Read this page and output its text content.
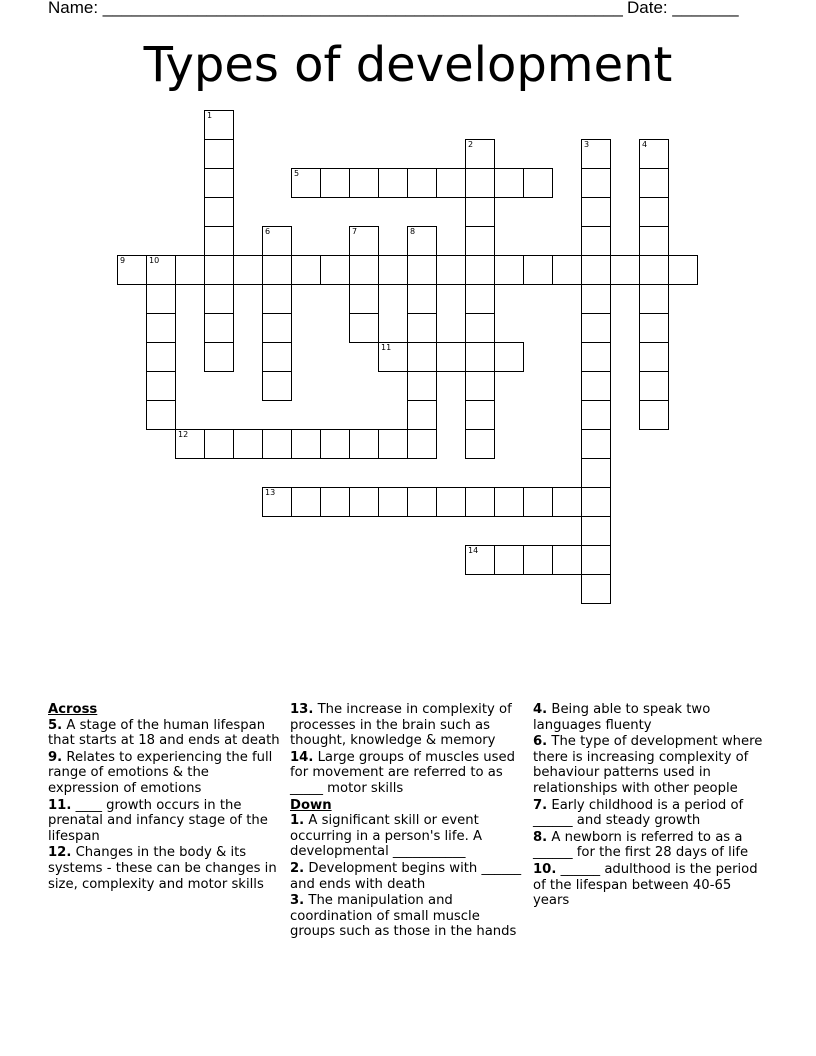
Name: _______________________________________________________ Date: _______
Types of development
1
2	3	4
5
6	7	8
9	10
11
12
13
14
Across
5. A stage of the human lifespan that starts at 18 and ends at death
9. Relates to experiencing the full range of emotions & the expression of emotions
11. ____ growth occurs in the prenatal and infancy stage of the lifespan
12. Changes in the body & its systems - these can be changes in size, complexity and motor skills
13. The increase in complexity of processes in the brain such as thought, knowledge & memory
14. Large groups of muscles used for movement are referred to as _____ motor skills
Down
1. A significant skill or event occurring in a person's life. A developmental ___________
2. Development begins with ______ and ends with death
3. The manipulation and coordination of small muscle groups such as those in the hands
4. Being able to speak two languages fluenty
6. The type of development where there is increasing complexity of behaviour patterns used in relationships with other people
7. Early childhood is a period of ______ and steady growth
8. A newborn is referred to as a ______ for the first 28 days of life
10. ______ adulthood is the period of the lifespan between 40-65 years
